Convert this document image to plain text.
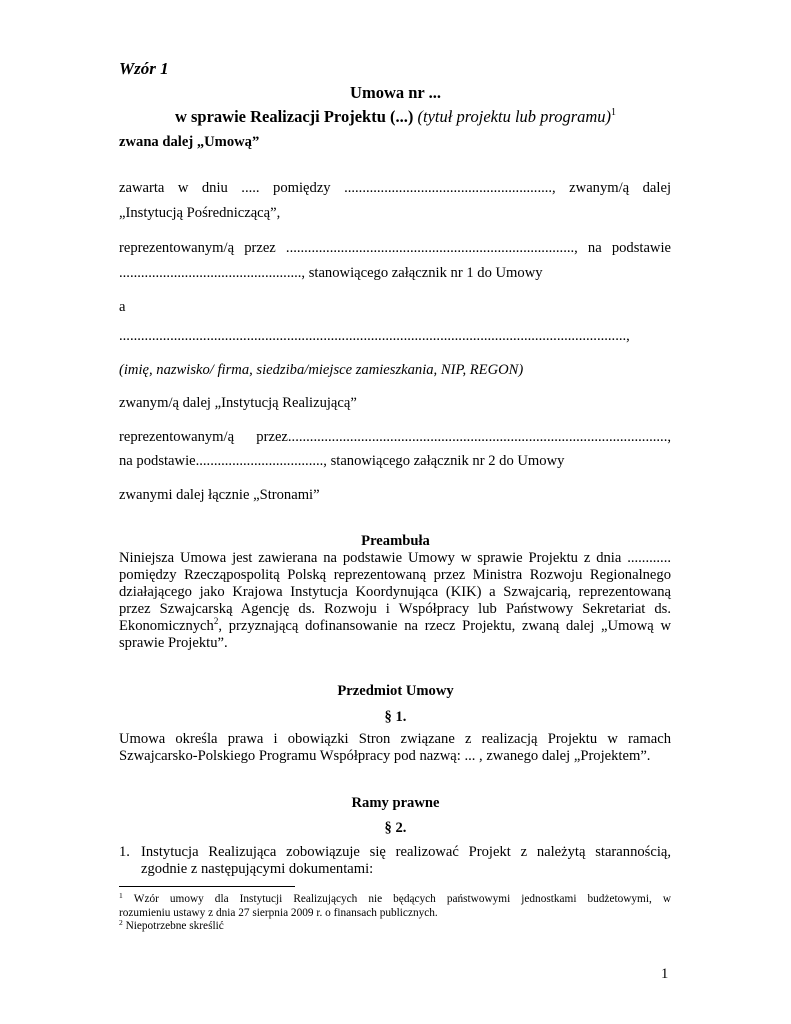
Wzór 1
Umowa nr ...
w sprawie Realizacji Projektu (...) (tytuł projektu lub programu)$^1$
zwana dalej „Umową”

zawarta w dniu ..... pomiędzy ........................................................., zwanym/ą dalej

„Instytucją Pośredniczącą”,

reprezentowanym/ą przez ..............................................................................., na podstawie

.................................................., stanowiącego załącznik nr 1 do Umowy
a

...........................................................................................................................................,

(imię, nazwisko/ firma, siedziba/miejsce zamieszkania, NIP, REGON)
zwanym/ą dalej „Instytucją Realizującą”

reprezentowanym/ą przez........................................................................................................,

na podstawie..................................., stanowiącego załącznik nr 2 do Umowy
zwanymi dalej łącznie „Stronami”
Preambuła

Niniejsza Umowa jest zawierana na podstawie Umowy w sprawie Projektu z dnia ............

pomiędzy Rzecząpospolitą Polską reprezentowaną przez Ministra Rozwoju Regionalnego

działającego jako Krajowa Instytucja Koordynująca (KIK) a Szwajcarią, reprezentowaną

przez Szwajcarską Agencję ds. Rozwoju i Współpracy lub Państwowy Sekretariat ds.

Ekonomicznych$^2$, przyznającą dofinansowanie na rzecz Projektu, zwaną dalej „Umową w

sprawie Projektu”.

Przedmiot Umowy
§ 1.

Umowa określa prawa i obowiązki Stron związane z realizacją Projektu w ramach

Szwajcarsko-Polskiego Programu Współpracy pod nazwą: ... , zwanego dalej „Projektem”.

Ramy prawne
§ 2.
1. Instytucja Realizująca zobowiązuje się realizować Projekt z należytą starannością,

zgodnie z następującymi dokumentami:

$^1$ Wzór umowy dla Instytucji Realizujących nie będących państwowymi jednostkami budżetowymi, w

rozumieniu ustawy z dnia 27 sierpnia 2009 r. o finansach publicznych.

$^2$ Niepotrzebne skreślić

1
